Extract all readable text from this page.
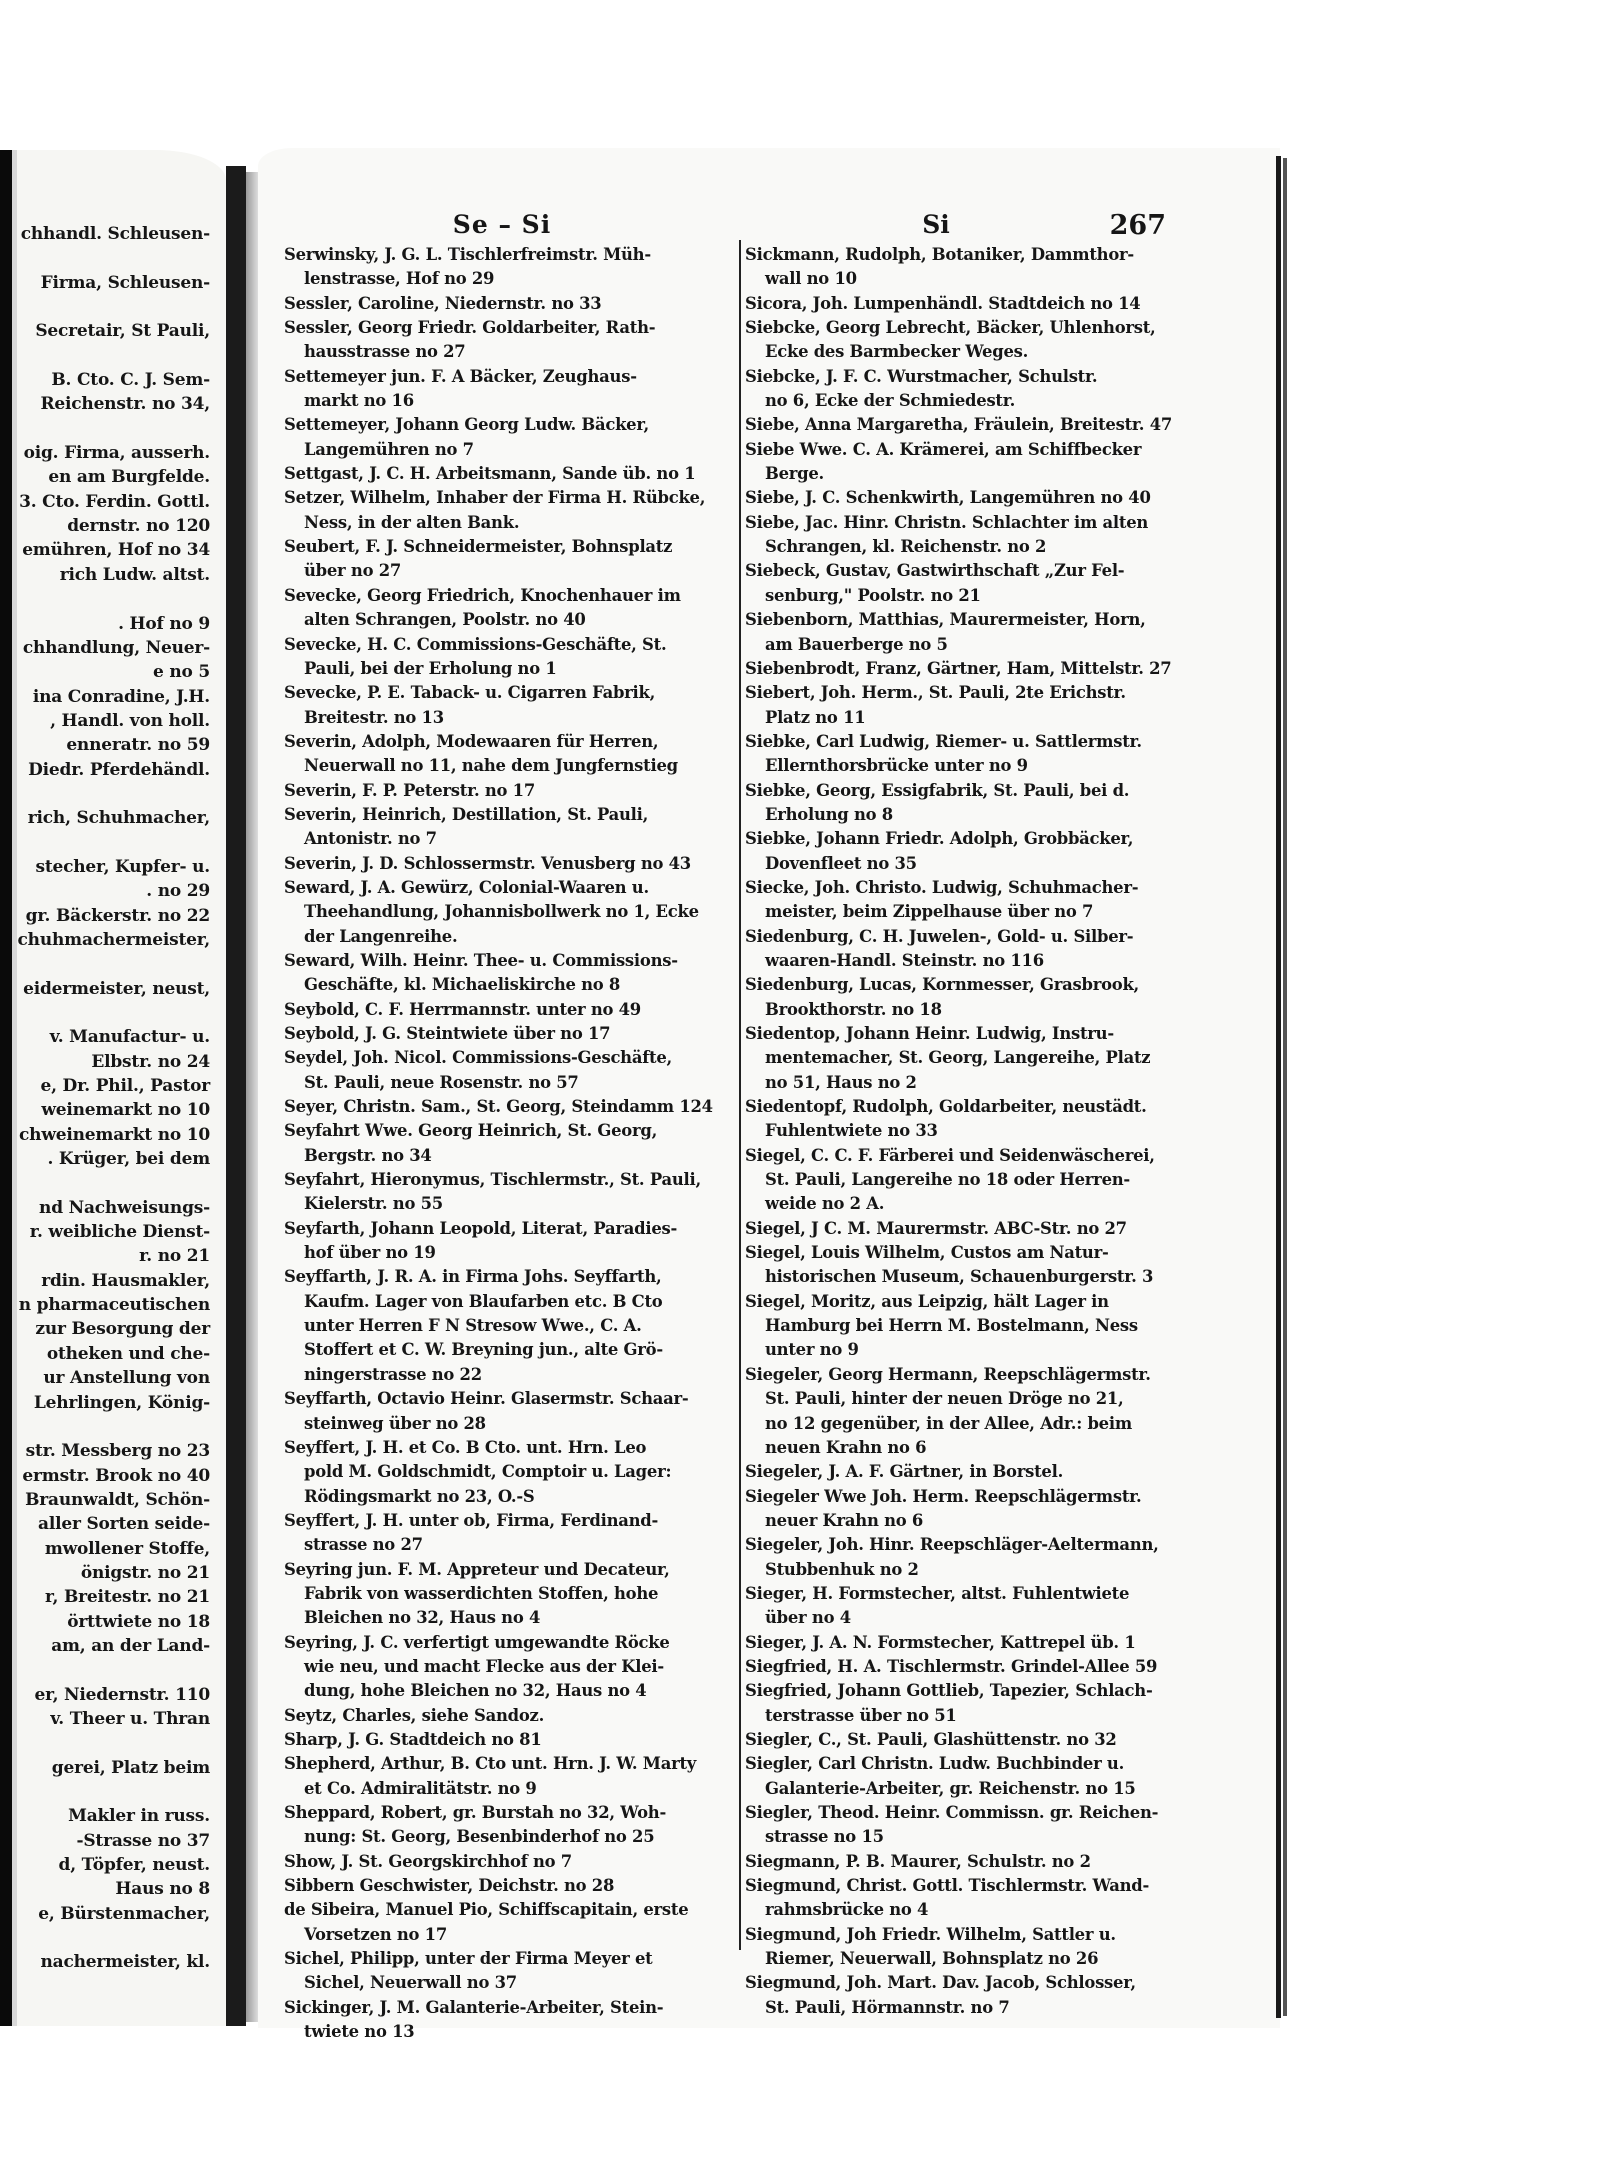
chhandl. Schleusen-
Firma, Schleusen-
Secretair, St Pauli,
B. Cto. C. J. Sem-
Reichenstr. no 34,
oig. Firma, ausserh.
en am Burgfelde.
3. Cto. Ferdin. Gottl.
dernstr. no 120
emühren, Hof no 34
rich Ludw. altst.
. Hof no 9
chhandlung, Neuer-
e no 5
ina Conradine, J.H.
, Handl. von holl.
enneratr. no 59
Diedr. Pferdehändl.
rich, Schuhmacher,
stecher, Kupfer- u.
. no 29
gr. Bäckerstr. no 22
chuhmachermeister,
eidermeister, neust,
v. Manufactur- u.
Elbstr. no 24
e, Dr. Phil., Pastor
weinemarkt no 10
chweinemarkt no 10
. Krüger, bei dem
nd Nachweisungs-
r. weibliche Dienst-
r. no 21
rdin. Hausmakler,
n pharmaceutischen
zur Besorgung der
otheken und che-
ur Anstellung von
Lehrlingen, König-
str. Messberg no 23
ermstr. Brook no 40
Braunwaldt, Schön-
aller Sorten seide-
mwollener Stoffe,
önigstr. no 21
r, Breitestr. no 21
örttwiete no 18
am, an der Land-
er, Niedernstr. 110
v. Theer u. Thran
gerei, Platz beim
Makler in russ.
-Strasse no 37
d, Töpfer, neust.
Haus no 8
e, Bürstenmacher,
nachermeister, kl.
Se – Si	Si	267
Serwinsky, J. G. L. Tischlerfreimstr. Müh-
lenstrasse, Hof no 29
Sessler, Caroline, Niedernstr. no 33
Sessler, Georg Friedr. Goldarbeiter, Rath-
hausstrasse no 27
Settemeyer jun. F. A Bäcker, Zeughaus-
markt no 16
Settemeyer, Johann Georg Ludw. Bäcker,
Langemühren no 7
Settgast, J. C. H. Arbeitsmann, Sande üb. no 1
Setzer, Wilhelm, Inhaber der Firma H. Rübcke,
Ness, in der alten Bank.
Seubert, F. J. Schneidermeister, Bohnsplatz
über no 27
Sevecke, Georg Friedrich, Knochenhauer im
alten Schrangen, Poolstr. no 40
Sevecke, H. C. Commissions-Geschäfte, St.
Pauli, bei der Erholung no 1
Sevecke, P. E. Taback- u. Cigarren Fabrik,
Breitestr. no 13
Severin, Adolph, Modewaaren für Herren,
Neuerwall no 11, nahe dem Jungfernstieg
Severin, F. P. Peterstr. no 17
Severin, Heinrich, Destillation, St. Pauli,
Antonistr. no 7
Severin, J. D. Schlossermstr. Venusberg no 43
Seward, J. A. Gewürz, Colonial-Waaren u.
Theehandlung, Johannisbollwerk no 1, Ecke
der Langenreihe.
Seward, Wilh. Heinr. Thee- u. Commissions-
Geschäfte, kl. Michaeliskirche no 8
Seybold, C. F. Herrmannstr. unter no 49
Seybold, J. G. Steintwiete über no 17
Seydel, Joh. Nicol. Commissions-Geschäfte,
St. Pauli, neue Rosenstr. no 57
Seyer, Christn. Sam., St. Georg, Steindamm 124
Seyfahrt Wwe. Georg Heinrich, St. Georg,
Bergstr. no 34
Seyfahrt, Hieronymus, Tischlermstr., St. Pauli,
Kielerstr. no 55
Seyfarth, Johann Leopold, Literat, Paradies-
hof über no 19
Seyffarth, J. R. A. in Firma Johs. Seyffarth,
Kaufm. Lager von Blaufarben etc. B Cto
unter Herren F N Stresow Wwe., C. A.
Stoffert et C. W. Breyning jun., alte Grö-
ningerstrasse no 22
Seyffarth, Octavio Heinr. Glasermstr. Schaar-
steinweg über no 28
Seyffert, J. H. et Co. B Cto. unt. Hrn. Leo
pold M. Goldschmidt, Comptoir u. Lager:
Rödingsmarkt no 23, O.-S
Seyffert, J. H. unter ob, Firma, Ferdinand-
strasse no 27
Seyring jun. F. M. Appreteur und Decateur,
Fabrik von wasserdichten Stoffen, hohe
Bleichen no 32, Haus no 4
Seyring, J. C. verfertigt umgewandte Röcke
wie neu, und macht Flecke aus der Klei-
dung, hohe Bleichen no 32, Haus no 4
Seytz, Charles, siehe Sandoz.
Sharp, J. G. Stadtdeich no 81
Shepherd, Arthur, B. Cto unt. Hrn. J. W. Marty
et Co. Admiralitätstr. no 9
Sheppard, Robert, gr. Burstah no 32, Woh-
nung: St. Georg, Besenbinderhof no 25
Show, J. St. Georgskirchhof no 7
Sibbern Geschwister, Deichstr. no 28
de Sibeira, Manuel Pio, Schiffscapitain, erste
Vorsetzen no 17
Sichel, Philipp, unter der Firma Meyer et
Sichel, Neuerwall no 37
Sickinger, J. M. Galanterie-Arbeiter, Stein-
twiete no 13
Sickmann, Rudolph, Botaniker, Dammthor-
wall no 10
Sicora, Joh. Lumpenhändl. Stadtdeich no 14
Siebcke, Georg Lebrecht, Bäcker, Uhlenhorst,
Ecke des Barmbecker Weges.
Siebcke, J. F. C. Wurstmacher, Schulstr.
no 6, Ecke der Schmiedestr.
Siebe, Anna Margaretha, Fräulein, Breitestr. 47
Siebe Wwe. C. A. Krämerei, am Schiffbecker
Berge.
Siebe, J. C. Schenkwirth, Langemühren no 40
Siebe, Jac. Hinr. Christn. Schlachter im alten
Schrangen, kl. Reichenstr. no 2
Siebeck, Gustav, Gastwirthschaft „Zur Fel-
senburg," Poolstr. no 21
Siebenborn, Matthias, Maurermeister, Horn,
am Bauerberge no 5
Siebenbrodt, Franz, Gärtner, Ham, Mittelstr. 27
Siebert, Joh. Herm., St. Pauli, 2te Erichstr.
Platz no 11
Siebke, Carl Ludwig, Riemer- u. Sattlermstr.
Ellernthorsbrücke unter no 9
Siebke, Georg, Essigfabrik, St. Pauli, bei d.
Erholung no 8
Siebke, Johann Friedr. Adolph, Grobbäcker,
Dovenfleet no 35
Siecke, Joh. Christo. Ludwig, Schuhmacher-
meister, beim Zippelhause über no 7
Siedenburg, C. H. Juwelen-, Gold- u. Silber-
waaren-Handl. Steinstr. no 116
Siedenburg, Lucas, Kornmesser, Grasbrook,
Brookthorstr. no 18
Siedentop, Johann Heinr. Ludwig, Instru-
mentemacher, St. Georg, Langereihe, Platz
no 51, Haus no 2
Siedentopf, Rudolph, Goldarbeiter, neustädt.
Fuhlentwiete no 33
Siegel, C. C. F. Färberei und Seidenwäscherei,
St. Pauli, Langereihe no 18 oder Herren-
weide no 2 A.
Siegel, J C. M. Maurermstr. ABC-Str. no 27
Siegel, Louis Wilhelm, Custos am Natur-
historischen Museum, Schauenburgerstr. 3
Siegel, Moritz, aus Leipzig, hält Lager in
Hamburg bei Herrn M. Bostelmann, Ness
unter no 9
Siegeler, Georg Hermann, Reepschlägermstr.
St. Pauli, hinter der neuen Dröge no 21,
no 12 gegenüber, in der Allee, Adr.: beim
neuen Krahn no 6
Siegeler, J. A. F. Gärtner, in Borstel.
Siegeler Wwe Joh. Herm. Reepschlägermstr.
neuer Krahn no 6
Siegeler, Joh. Hinr. Reepschläger-Aeltermann,
Stubbenhuk no 2
Sieger, H. Formstecher, altst. Fuhlentwiete
über no 4
Sieger, J. A. N. Formstecher, Kattrepel üb. 1
Siegfried, H. A. Tischlermstr. Grindel-Allee 59
Siegfried, Johann Gottlieb, Tapezier, Schlach-
terstrasse über no 51
Siegler, C., St. Pauli, Glashüttenstr. no 32
Siegler, Carl Christn. Ludw. Buchbinder u.
Galanterie-Arbeiter, gr. Reichenstr. no 15
Siegler, Theod. Heinr. Commissn. gr. Reichen-
strasse no 15
Siegmann, P. B. Maurer, Schulstr. no 2
Siegmund, Christ. Gottl. Tischlermstr. Wand-
rahmsbrücke no 4
Siegmund, Joh Friedr. Wilhelm, Sattler u.
Riemer, Neuerwall, Bohnsplatz no 26
Siegmund, Joh. Mart. Dav. Jacob, Schlosser,
St. Pauli, Hörmannstr. no 7
